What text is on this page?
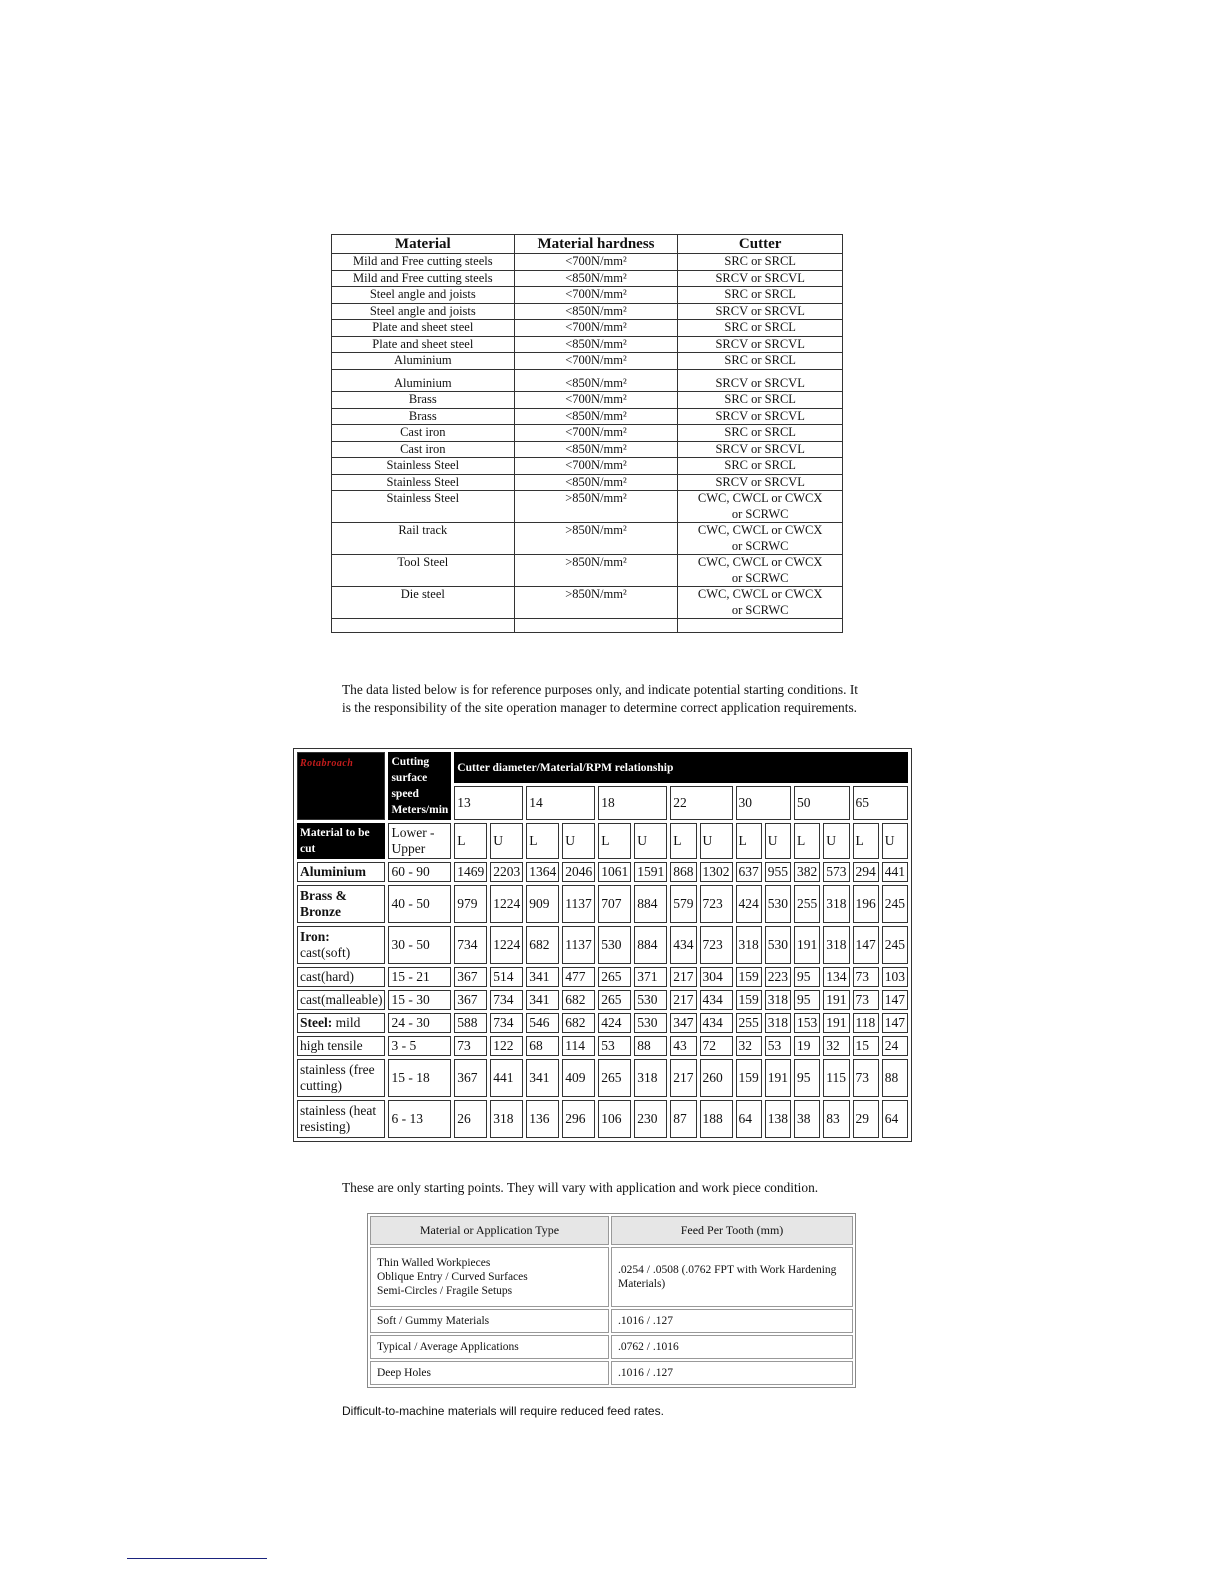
Material	Material hardness	Cutter
Mild and Free cutting steels	<700N/mm²	SRC or SRCL
Mild and Free cutting steels	<850N/mm²	SRCV or SRCVL
Steel angle and joists	<700N/mm²	SRC or SRCL
Steel angle and joists	<850N/mm²	SRCV or SRCVL
Plate and sheet steel	<700N/mm²	SRC or SRCL
Plate and sheet steel	<850N/mm²	SRCV or SRCVL
Aluminium	<700N/mm²	SRC or SRCL
Aluminium	<850N/mm²	SRCV or SRCVL
Brass	<700N/mm²	SRC or SRCL
Brass	<850N/mm²	SRCV or SRCVL
Cast iron	<700N/mm²	SRC or SRCL
Cast iron	<850N/mm²	SRCV or SRCVL
Stainless Steel	<700N/mm²	SRC or SRCL
Stainless Steel	<850N/mm²	SRCV or SRCVL
Stainless Steel	>850N/mm²	CWC, CWCL or CWCX
or SCRWC

Rail track	>850N/mm²	CWC, CWCL or CWCX
or SCRWC

Tool Steel	>850N/mm²	CWC, CWCL or CWCX
or SCRWC

Die steel	>850N/mm²	CWC, CWCL or CWCX
or SCRWC

The data listed below is for reference purposes only, and indicate potential starting conditions. It is the responsibility of the site operation manager to determine correct application requirements.
Rotabroach	Cutting surface speed Meters/min	Cutter diameter/Material/RPM relationship													
		13		14		18		22		30		50		65	
Material to be cut	Lower - Upper	L	U	L	U	L	U	L	U	L	U	L	U	L	U
Aluminium	60 - 90	1469	2203	1364	2046	1061	1591	868	1302	637	955	382	573	294	441
Brass & Bronze	40 - 50	979	1224	909	1137	707	884	579	723	424	530	255	318	196	245
Iron:
cast(soft)	30 - 50	734	1224	682	1137	530	884	434	723	318	530	191	318	147	245
cast(hard)	15 - 21	367	514	341	477	265	371	217	304	159	223	95	134	73	103
cast(malleable)	15 - 30	367	734	341	682	265	530	217	434	159	318	95	191	73	147
Steel: mild	24 - 30	588	734	546	682	424	530	347	434	255	318	153	191	118	147
high tensile	3 - 5	73	122	68	114	53	88	43	72	32	53	19	32	15	24
stainless (free cutting)	15 - 18	367	441	341	409	265	318	217	260	159	191	95	115	73	88
stainless (heat resisting)	6 - 13	26	318	136	296	106	230	87	188	64	138	38	83	29	64
These are only starting points. They will vary with application and work piece condition.
Material or Application Type	Feed Per Tooth (mm)

Thin Walled Workpieces
Oblique Entry / Curved Surfaces
Semi-Circles / Fragile Setups	.0254 / .0508 (.0762 FPT with Work Hardening Materials)

Soft / Gummy Materials	.1016 / .127

Typical / Average Applications	.0762 / .1016

Deep Holes	.1016 / .127
Difficult-to-machine materials will require reduced feed rates.
